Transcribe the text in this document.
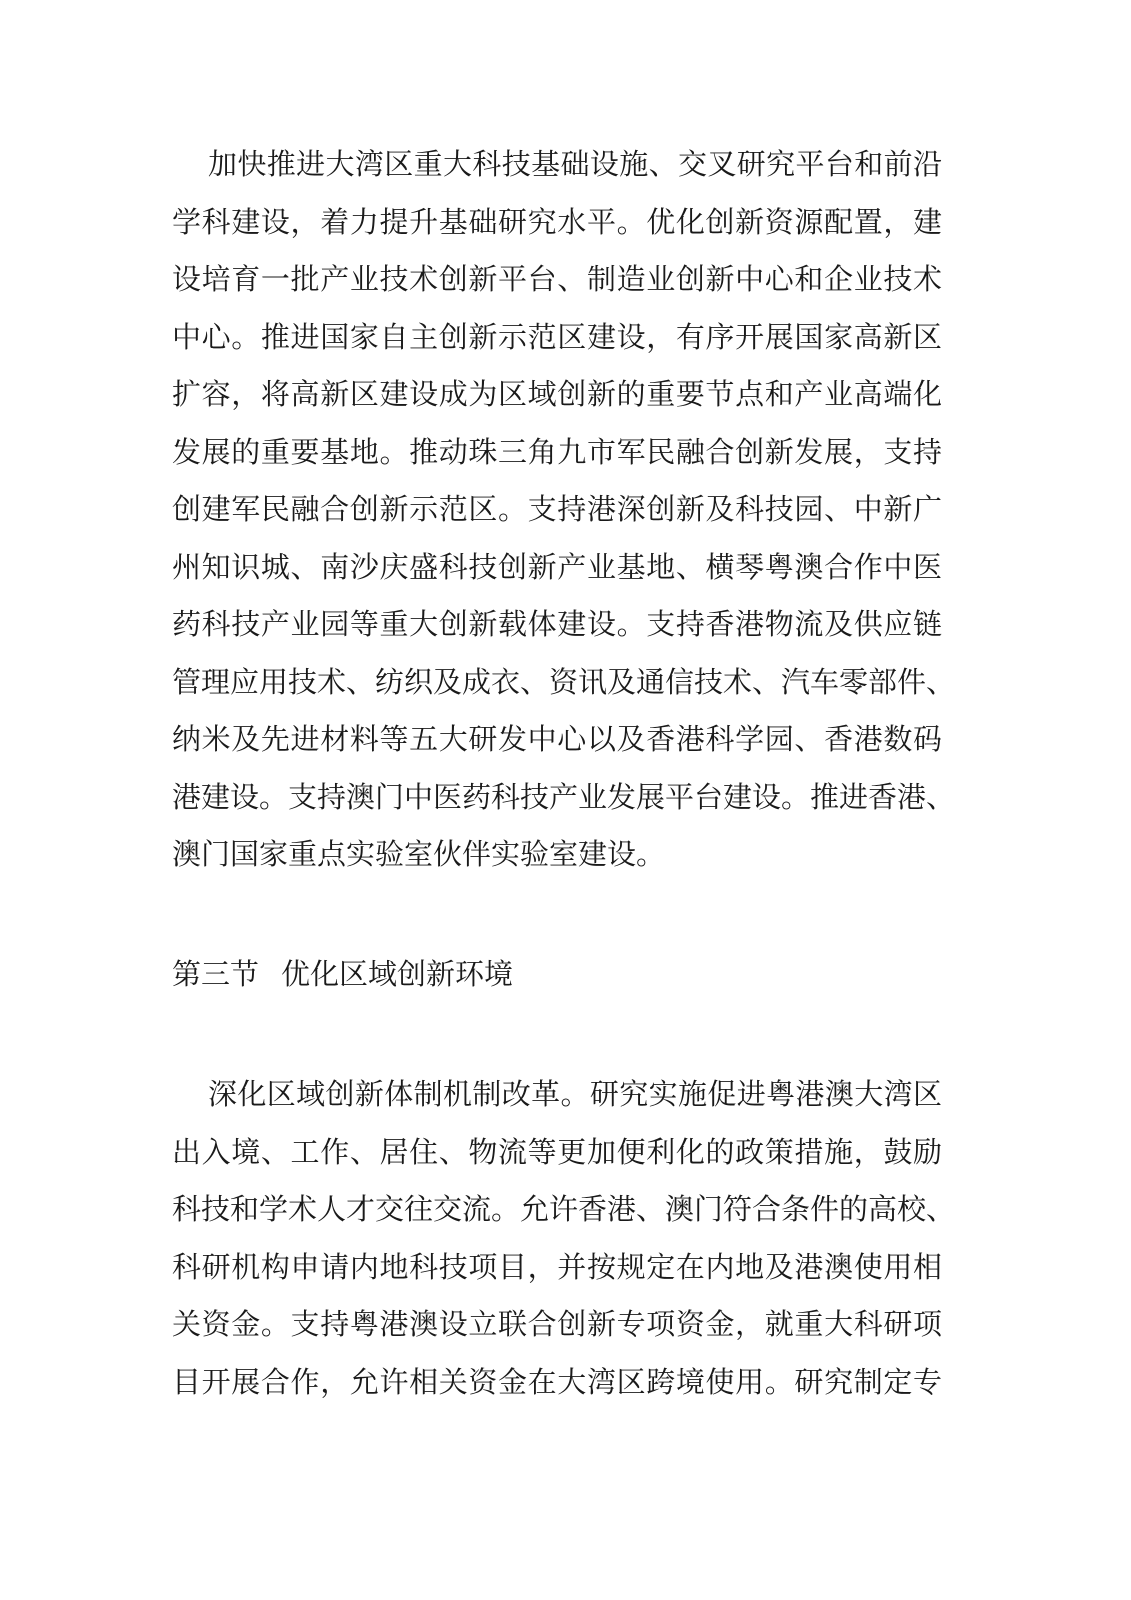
加快推进大湾区重大科技基础设施、交叉研究平台和前沿
学科建设，着力提升基础研究水平。优化创新资源配置，建
设培育一批产业技术创新平台、制造业创新中心和企业技术
中心。推进国家自主创新示范区建设，有序开展国家高新区
扩容，将高新区建设成为区域创新的重要节点和产业高端化
发展的重要基地。推动珠三角九市军民融合创新发展，支持
创建军民融合创新示范区。支持港深创新及科技园、中新广
州知识城、南沙庆盛科技创新产业基地、横琴粤澳合作中医
药科技产业园等重大创新载体建设。支持香港物流及供应链
管理应用技术、纺织及成衣、资讯及通信技术、汽车零部件、
纳米及先进材料等五大研发中心以及香港科学园、香港数码
港建设。支持澳门中医药科技产业发展平台建设。推进香港、
澳门国家重点实验室伙伴实验室建设。
第三节 优化区域创新环境
深化区域创新体制机制改革。研究实施促进粤港澳大湾区
出入境、工作、居住、物流等更加便利化的政策措施，鼓励
科技和学术人才交往交流。允许香港、澳门符合条件的高校、
科研机构申请内地科技项目，并按规定在内地及港澳使用相
关资金。支持粤港澳设立联合创新专项资金，就重大科研项
目开展合作，允许相关资金在大湾区跨境使用。研究制定专
